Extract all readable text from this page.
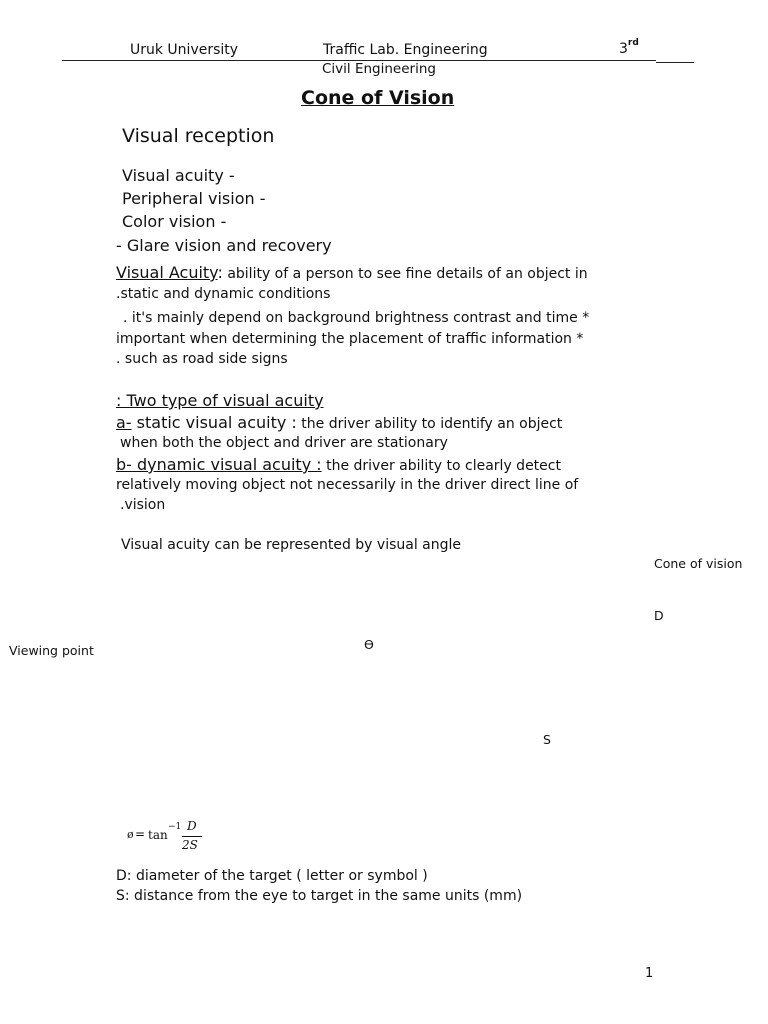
Uruk University	Traffic Lab. Engineering	3rd
Civil Engineering
Cone of Vision
Visual reception
Visual acuity -
Peripheral vision -
Color vision -
- Glare vision and recovery
Visual Acuity: ability of a person to see fine details of an object in
.static and dynamic conditions
. it's mainly depend on background brightness contrast and time *
important when determining the placement of traffic information *
. such as road side signs
: Two type of visual acuity
a- static visual acuity : the driver ability to identify an object
when both the object and driver are stationary
b- dynamic visual acuity : the driver ability to clearly detect
relatively moving object not necessarily in the driver direct line of
.vision
Visual acuity can be represented by visual angle
Cone of vision
D
Viewing point	ϴ
S
ø = tan
−1 D
2S
D: diameter of the target ( letter or symbol )
S: distance from the eye to target in the same units (mm)
1
